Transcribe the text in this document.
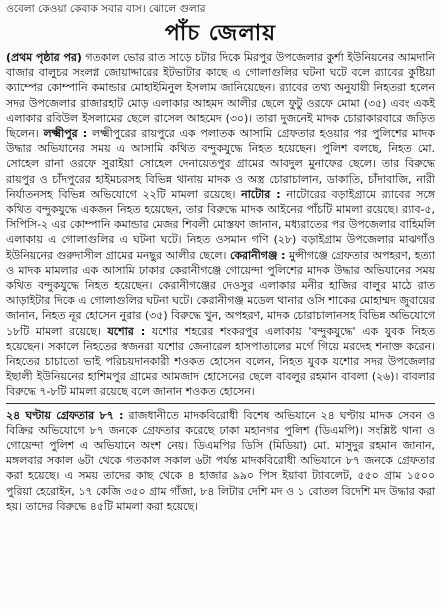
ওবেলা কেওয়া কেবাক সবার বাস। ঝোলে গুলার
পাঁচ জেলায়

(প্রথম পৃষ্ঠার পর) গতকাল ভোর রাত সাড়ে চটার দিকে মিরপুর উপজেলার কুর্শা ইউনিয়নের আমদানি বাজার বালুচর সংলগ্ন জোয়াদ্দারের ইটভাটার কাছে এ গোলাগুলির ঘটনা ঘটে বলে র‍্যাবের কুষ্টিয়া ক্যাম্পের কোম্পানি কমান্ডার মোহাইমিনুল ইসলাম জানিয়েছেন। র‍্যাবের তথ্য অনুযায়ী নিহতরা হলেন সদর উপজেলার রাজারহাট মোড় এলাকার আহমদ আলীর ছেলে ফুটু ওরফে মোমা (৩৫) এবং একই এলাকার রবিউল ইসলামের ছেলে রাসেল আহমেদ (৩০)। তারা দুজনেই মাদক চোরাকারবারে জড়িত ছিলেন। লক্ষ্মীপুর : লক্ষ্মীপুরের রায়পুরে এক পলাতক আসামি গ্রেফতার হওয়ার পর পুলিশের মাদক উদ্ধার অভিযানের সময় এ আসামি কথিত বন্দুকযুদ্ধে নিহত হয়েছেন। পুলিশ বলছে, নিহত মো. সোহেল রানা ওরফে সুরাইয়া সোহেল দেনায়েতপুর গ্রামের আবদুল মুনাফের ছেলে। তার বিরুদ্ধে রায়পুর ও চাঁদপুরের হাইমচরসহ বিভিন্ন থানায় মাদক ও অস্ত্র চোরাচালান, ডাকাতি, চাঁদাবাজি, নারী নির্যাতনসহ বিভিন্ন অভিযোগে ২২টি মামলা রয়েছে। নাটোর : নাটোরের বড়াইগ্রামে র‍্যাবের সঙ্গে কথিত বন্দুকযুদ্ধে একজন নিহত হয়েছেন, তার বিরুদ্ধে মাদক আইনের পাঁচটি মামলা রয়েছে। র‍্যাব-৫, সিপিসি-২ এর কোম্পানি কমান্ডার মেজর শিবলী মোস্তফা জানান, মধ্যরাতের পর উপজেলার বাহিমলি এলাকায় এ গোলাগুলির এ ঘটনা ঘটে। নিহত ওসমান গণি (২৮) বড়াইগ্রাম উপজেলার মাঝগাঁও ইউনিয়নের গুরুদাসীল গ্রামের মনছুর আলীর ছেলে। কেরানীগঞ্জ : মুন্সীগঞ্জে গ্রেফতার অপহরণ, হত্যা ও মাদক মামলার এক আসামি ঢাকার কেরানীগঞ্জে গোয়েন্দা পুলিশের মাদক উদ্ধার অভিযানের সময় কথিত বন্দুকযুদ্ধে নিহত হয়েছেন। কেরানীগঞ্জের দেওসুর এলাকার মনীর হাজির বালুর মাঠে রাত আড়াইটার দিকে এ গোলাগুলির ঘটনা ঘটে। কেরানীগঞ্জ মডেল থানার ওসি শাকের মোহাম্মদ জুবায়ের জানান, নিহত নূর হোসেন নুরার (৩৫) বিরুদ্ধে খুন, অপহরণ, মাদক চোরাচালানসহ বিভিন্ন অভিযোগে ১৮টি মামলা রয়েছে। যশোর : যশোর শহরের শংকরপুর এলাকায় 'বন্দুকযুদ্ধে' এক যুবক নিহত হয়েছেন। সকালে নিহতের স্বজনরা যশোর জেনারেল হাসপাতালের মর্গে গিয়ে মরদেহ শনাক্ত করেন। নিহতের চাচাতো ভাই পরিচয়দানকারী শওকত হোসেন বলেন, নিহত যুবক যশোর সদর উপজেলার ইছালী ইউনিয়নের হাশিমপুর গ্রামের আমজাদ হোসেনের ছেলে বাবলুর রহমান বাবলা (২৬)। বাবলার বিরুদ্ধে ৭-৮টি মামলা রয়েছে বলে জানান শওকত হোসেন।

২৪ ঘণ্টায় গ্রেফতার ৮৭ : রাজধানীতে মাদকবিরোধী বিশেষ অভিযানে ২৪ ঘণ্টায় মাদক সেবন ও বিক্রির অভিযোগে ৮৭ জনকে গ্রেফতার করেছে ঢাকা মহানগর পুলিশ (ডিএমপি)। সংশ্লিষ্ট থানা ও গোয়েন্দা পুলিশ এ অভিযানে অংশ নেয়। ডিএমপির ডিসি (মিডিয়া) মো. মাসুদুর রহমান জানান, মঙ্গলবার সকাল ৬টা থেকে গতকাল সকাল ৬টা পর্যন্ত মাদকবিরোধী অভিযানে ৮৭ জনকে গ্রেফতার করা হয়েছে। এ সময় তাদের কাছ থেকে ৪ হাজার ৯৯০ পিস ইয়াবা ট্যাবলেট, ৫৫০ গ্রাম ১৫০০ পুরিয়া হেরোইন, ১৭ কেজি ৩৫০ গ্রাম গাঁজা, ৮৪ লিটার দেশি মদ ও ১ বোতল বিদেশি মদ উদ্ধার করা হয়। তাদের বিরুদ্ধে ৪৫টি মামলা করা হয়েছে।
